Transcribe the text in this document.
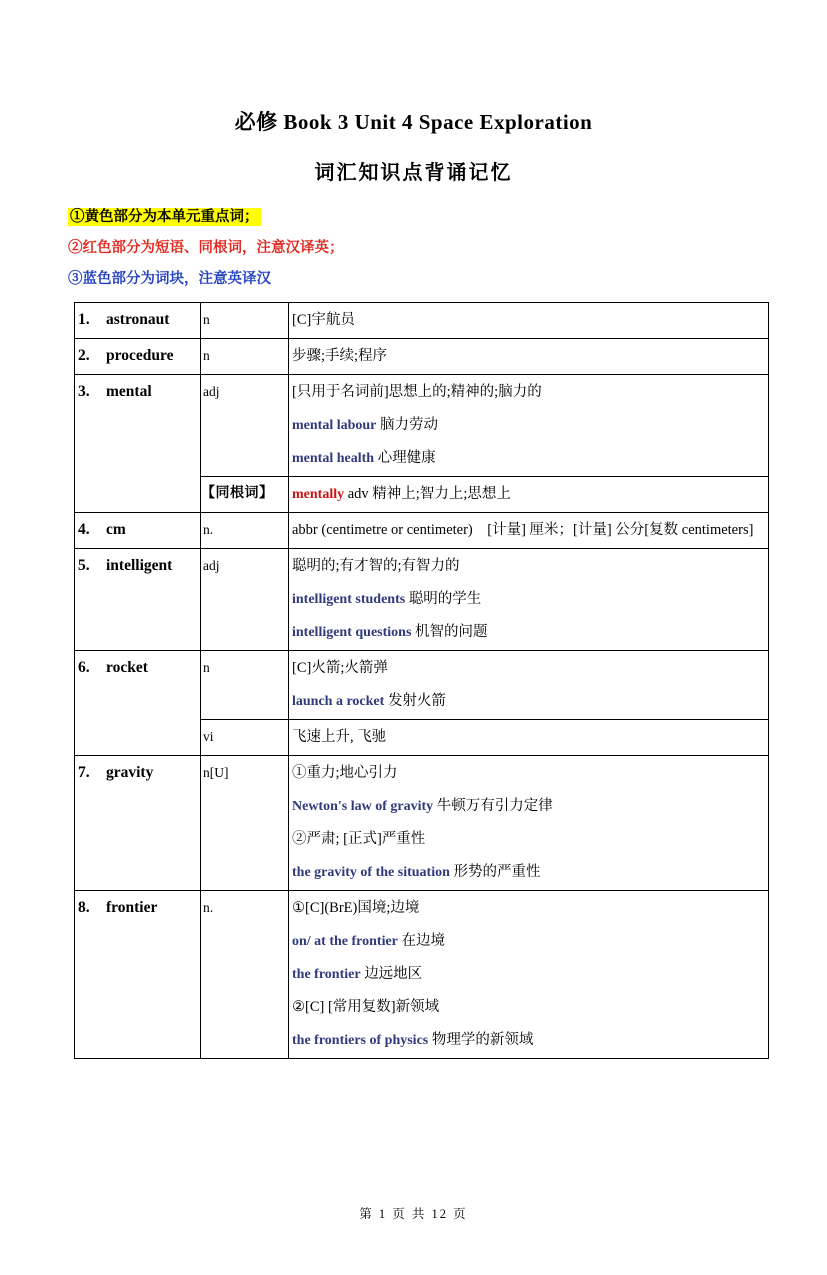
必修 Book 3 Unit 4 Space Exploration
词汇知识点背诵记忆

①黄色部分为本单元重点词；

②红色部分为短语、同根词，注意汉译英；

③蓝色部分为词块，注意英译汉

1. astronaut	n	[C]宇航员

2. procedure	n	步骤;手续;程序

3. mental	adj	[只用于名词前]思想上的;精神的;脑力的
mental labour 脑力劳动
mental health 心理健康

	【同根词】	mentally adv 精神上;智力上;思想上

4. cm	n.	abbr (centimetre or centimeter)　[计量] 厘米；[计量] 公分[复数 centimeters]

5. intelligent	adj	聪明的;有才智的;有智力的
intelligent students 聪明的学生
intelligent questions 机智的问题

6. rocket	n	[C]火箭;火箭弹
launch a rocket 发射火箭

	vi	飞速上升, 飞驰

7. gravity	n[U]	①重力;地心引力
Newton's law of gravity 牛顿万有引力定律
②严肃; [正式]严重性
the gravity of the situation 形势的严重性

8. frontier	n.	①[C](BrE)国境;边境
on/ at the frontier 在边境
the frontier 边远地区
②[C] [常用复数]新领域
the frontiers of physics 物理学的新领域
第 1 页 共 12 页
